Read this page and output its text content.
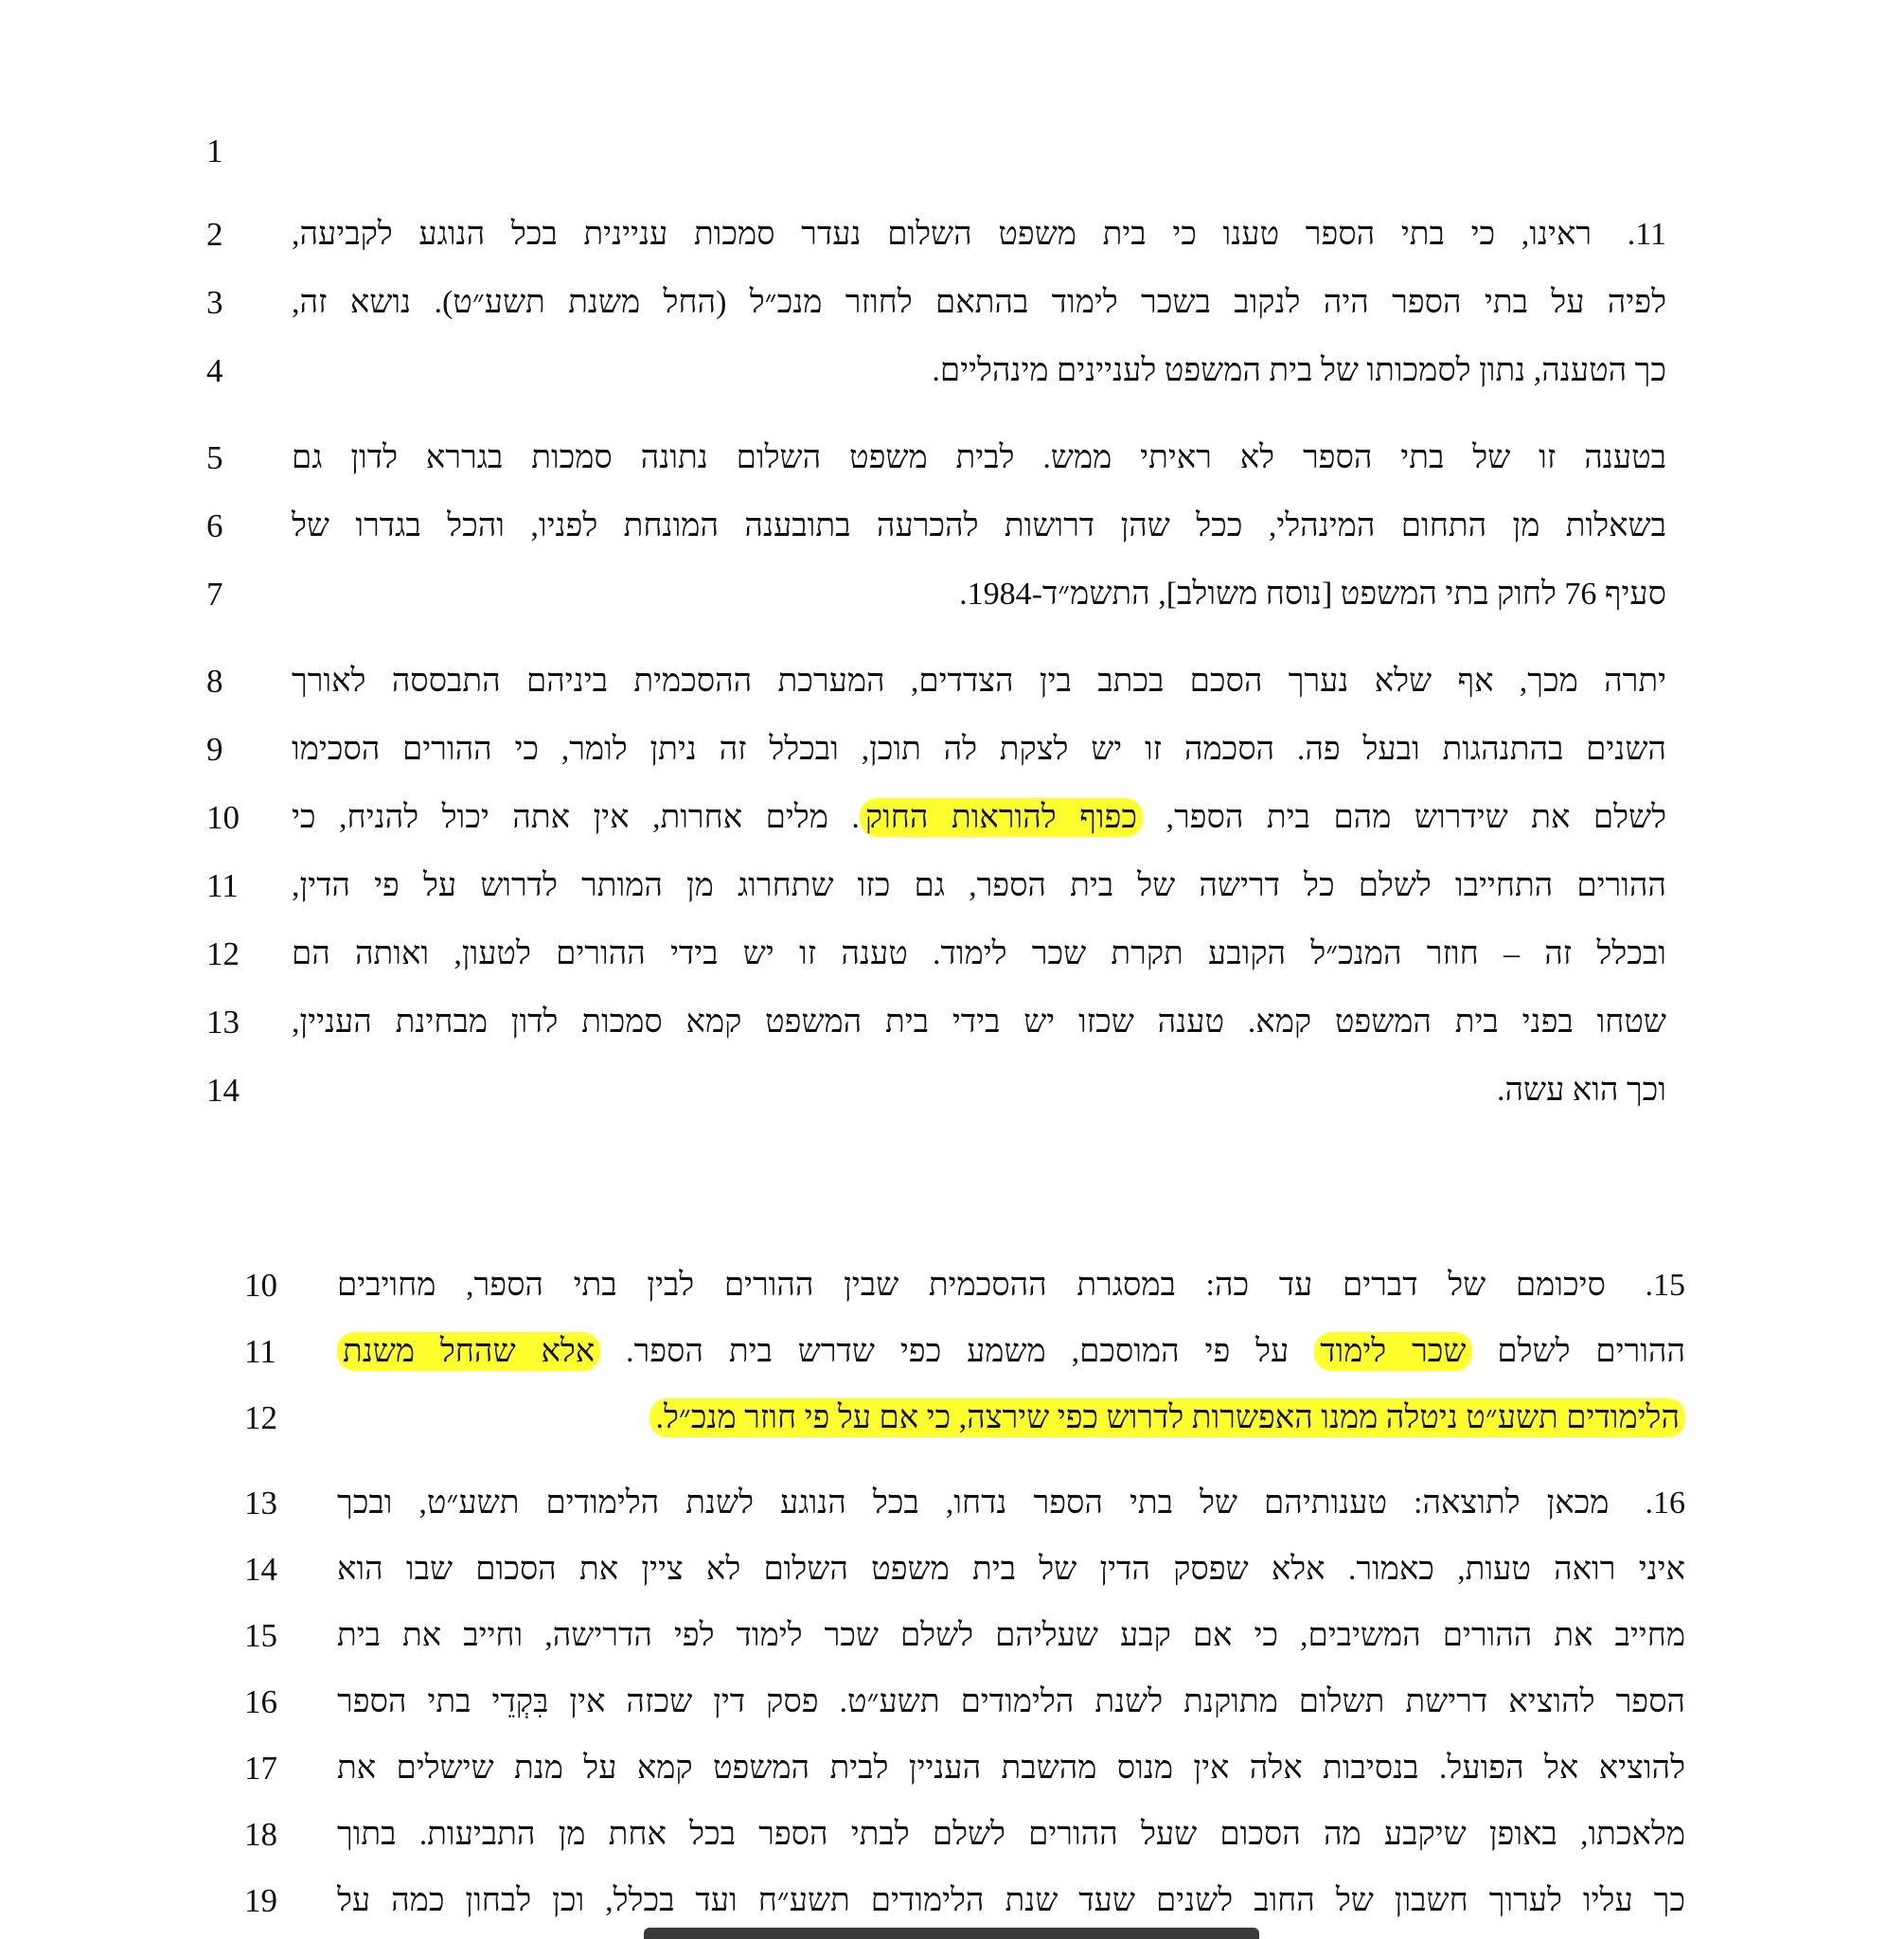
1
2	11. ראינו, כי בתי הספר טענו כי בית משפט השלום נעדר סמכות עניינית בכל הנוגע לקביעה,
3 לפיה על בתי הספר היה לנקוב בשכר לימוד בהתאם לחוזר מנכ״ל (החל משנת תשע״ט). נושא זה,
4	כך הטענה, נתון לסמכותו של בית המשפט לעניינים מינהליים.
5 בטענה זו של בתי הספר לא ראיתי ממש. לבית משפט השלום נתונה סמכות בגררא לדון גם
6 בשאלות מן התחום המינהלי, ככל שהן דרושות להכרעה בתובענה המונחת לפניו, והכל בגדרו של
7	סעיף 76 לחוק בתי המשפט [נוסח משולב], התשמ״ד-1984.
8 יתרה מכך, אף שלא נערך הסכם בכתב בין הצדדים, המערכת ההסכמית ביניהם התבססה לאורך
9 השנים בהתנהגות ובעל פה. הסכמה זו יש לצקת לה תוכן, ובכלל זה ניתן לומר, כי ההורים הסכימו
10	לשלם את שידרוש מהם בית הספר, כפוף להוראות החוק. מלים אחרות, אין אתה יכול להניח, כי
11 ההורים התחייבו לשלם כל דרישה של בית הספר, גם כזו שתחרוג מן המותר לדרוש על פי הדין,
12 ובכלל זה – חוזר המנכ״ל הקובע תקרת שכר לימוד. טענה זו יש בידי ההורים לטעון, ואותה הם
13 שטחו בפני בית המשפט קמא. טענה שכזו יש בידי בית המשפט קמא סמכות לדון מבחינת העניין,
14	וכך הוא עשה.
10	15. סיכומם של דברים עד כה: במסגרת ההסכמית שבין ההורים לבין בתי הספר, מחויבים
11	ההורים לשלם שכר לימוד על פי המוסכם, משמע כפי שדרש בית הספר. אלא שהחל משנת
12	הלימודים תשע״ט ניטלה ממנו האפשרות לדרוש כפי שירצה, כי אם על פי חוזר מנכ״ל.
13	16. מכאן לתוצאה: טענותיהם של בתי הספר נדחו, בכל הנוגע לשנת הלימודים תשע״ט, ובכך
14 איני רואה טעות, כאמור. אלא שפסק הדין של בית משפט השלום לא ציין את הסכום שבו הוא
15 מחייב את ההורים המשיבים, כי אם קבע שעליהם לשלם שכר לימוד לפי הדרישה, וחייב את בית
16 הספר להוציא דרישת תשלום מתוקנת לשנת הלימודים תשע״ט. פסק דין שכזה אין בִּקְדֵי בתי הספר
17 להוציא אל הפועל. בנסיבות אלה אין מנוס מהשבת העניין לבית המשפט קמא על מנת שישלים את
18 מלאכתו, באופן שיקבע מה הסכום שעל ההורים לשלם לבתי הספר בכל אחת מן התביעות. בתוך
19 כך עליו לערוך חשבון של החוב לשנים שעד שנת הלימודים תשע״ח ועד בכלל, וכן לבחון כמה על
